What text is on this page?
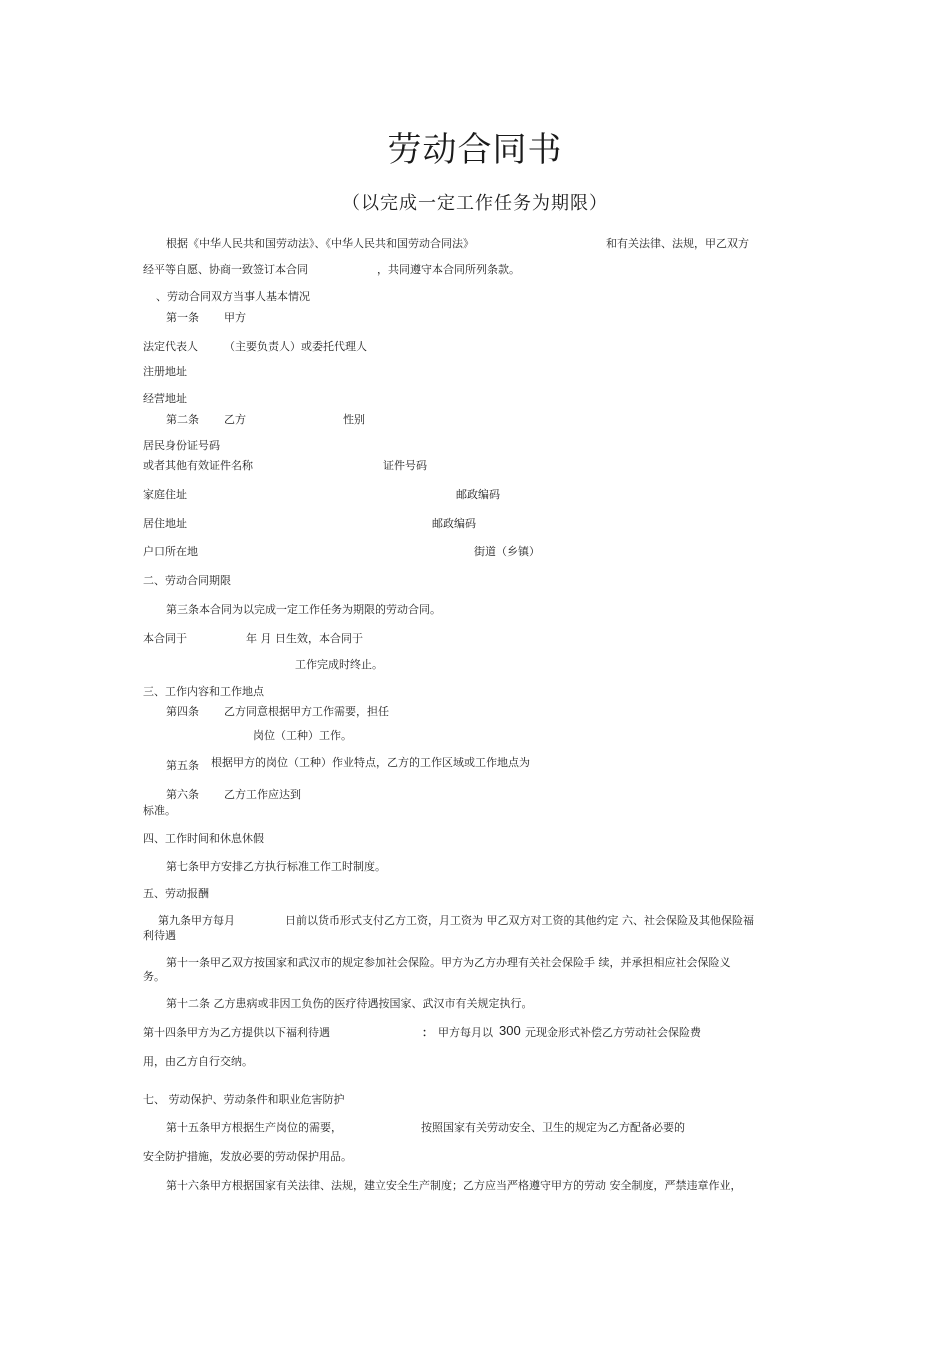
劳动合同书
（以完成一定工作任务为期限）
根据《中华人民共和国劳动法》、《中华人民共和国劳动合同法》	和有关法律、法规，甲乙双方
经平等自愿、协商一致签订本合同	，共同遵守本合同所列条款。
、劳动合同双方当事人基本情况
第一条 甲方
法定代表人 （主要负责人）或委托代理人
注册地址
经营地址
第二条 乙方	性别
居民身份证号码
或者其他有效证件名称	证件号码
家庭住址	邮政编码
居住地址	邮政编码
户口所在地	街道（乡镇）
二、劳动合同期限
第三条本合同为以完成一定工作任务为期限的劳动合同。
本合同于	年 月 日生效，本合同于
工作完成时终止。
三、工作内容和工作地点
第四条 乙方同意根据甲方工作需要，担任
岗位（工种）工作。
第五条 根据甲方的岗位（工种）作业特点，乙方的工作区域或工作地点为
第六条 乙方工作应达到
标准。
四、工作时间和休息休假
第七条甲方安排乙方执行标准工作工时制度。
五、劳动报酬
第九条甲方每月	日前以货币形式支付乙方工资，月工资为 甲乙双方对工资的其他约定 六、社会保险及其他保险福
利待遇
第十一条甲乙双方按国家和武汉市的规定参加社会保险。甲方为乙方办理有关社会保险手 续，并承担相应社会保险义
务。
第十二条 乙方患病或非因工负伤的医疗待遇按国家、武汉市有关规定执行。
第十四条甲方为乙方提供以下福利待遇	： 甲方每月以 300 元现金形式补偿乙方劳动社会保险费
用，由乙方自行交纳。
七、 劳动保护、劳动条件和职业危害防护
第十五条甲方根据生产岗位的需要，	按照国家有关劳动安全、卫生的规定为乙方配备必要的
安全防护措施，发放必要的劳动保护用品。
第十六条甲方根据国家有关法律、法规，建立安全生产制度；乙方应当严格遵守甲方的劳动 安全制度，严禁违章作业，
